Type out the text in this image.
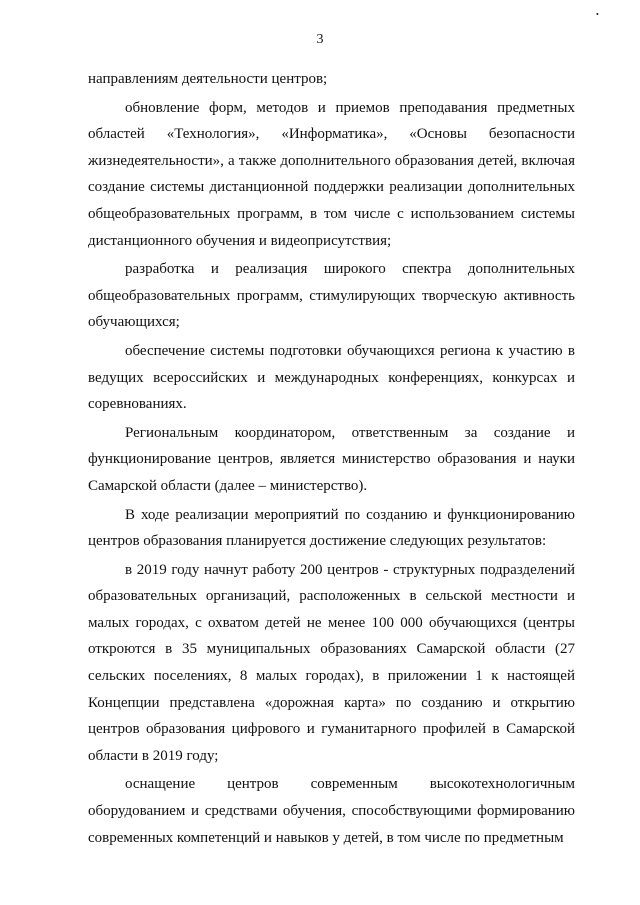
•
3

направлениям деятельности центров;

обновление форм, методов и приемов преподавания предметных областей «Технология», «Информатика», «Основы безопасности жизнедеятельности», а также дополнительного образования детей, включая создание системы дистанционной поддержки реализации дополнительных общеобразовательных программ, в том числе с использованием системы дистанционного обучения и видеоприсутствия;

разработка и реализация широкого спектра дополнительных общеобразовательных программ, стимулирующих творческую активность обучающихся;

обеспечение системы подготовки обучающихся региона к участию в ведущих всероссийских и международных конференциях, конкурсах и соревнованиях.

Региональным координатором, ответственным за создание и функционирование центров, является министерство образования и науки Самарской области (далее – министерство).

В ходе реализации мероприятий по созданию и функционированию центров образования планируется достижение следующих результатов:

в 2019 году начнут работу 200 центров - структурных подразделений образовательных организаций, расположенных в сельской местности и малых городах, с охватом детей не менее 100 000 обучающихся (центры откроются в 35 муниципальных образованиях Самарской области (27 сельских поселениях, 8 малых городах), в приложении 1 к настоящей Концепции представлена «дорожная карта» по созданию и открытию центров образования цифрового и гуманитарного профилей в Самарской области в 2019 году;

оснащение центров современным высокотехнологичным оборудованием и средствами обучения, способствующими формированию современных компетенций и навыков у детей, в том числе по предметным
